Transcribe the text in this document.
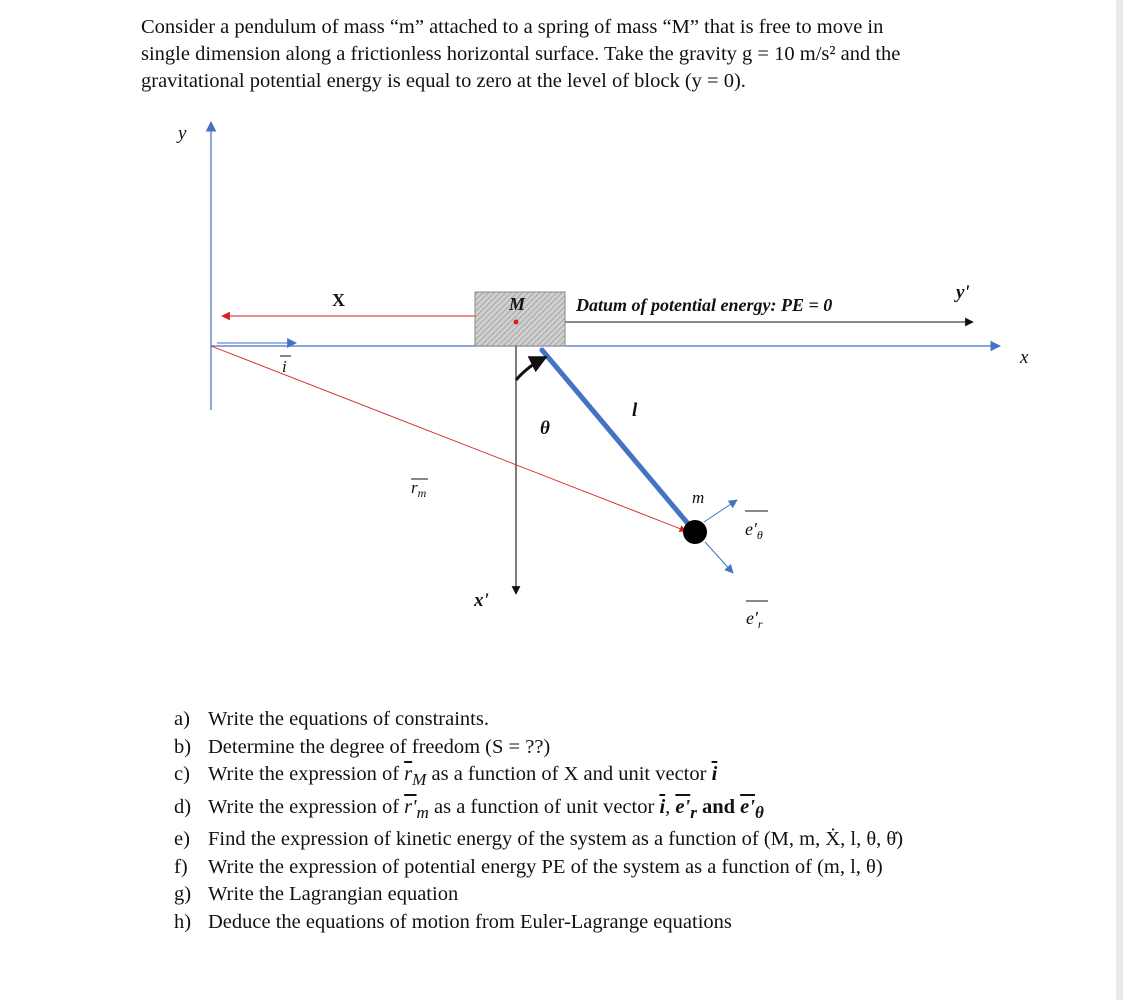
Consider a pendulum of mass “m” attached to a spring of mass “M” that is free to move in

single dimension along a frictionless horizontal surface. Take the gravity g = 10 m/s² and the

gravitational potential energy is equal to zero at the level of block (y = 0).

y
x
y'
x'
X
i
M	Datum of potential energy: PE = 0
$r_m$
θ
l
m
$e'_\theta$
$e'_r$
a) Write the equations of constraints.
b) Determine the degree of freedom (S = ??)
c) Write the expression of $\overline{r}_M$ as a function of X and unit vector $\overline{i}$
d) Write the expression of $r'_m$ as a function of unit vector $\overline{i}$, $e'_r$ and $e'_\theta$
e) Find the expression of kinetic energy of the system as a function of (M, m, Ẋ, l, θ, θ̇)
f) Write the expression of potential energy PE of the system as a function of (m, l, θ)
g) Write the Lagrangian equation
h) Deduce the equations of motion from Euler-Lagrange equations
